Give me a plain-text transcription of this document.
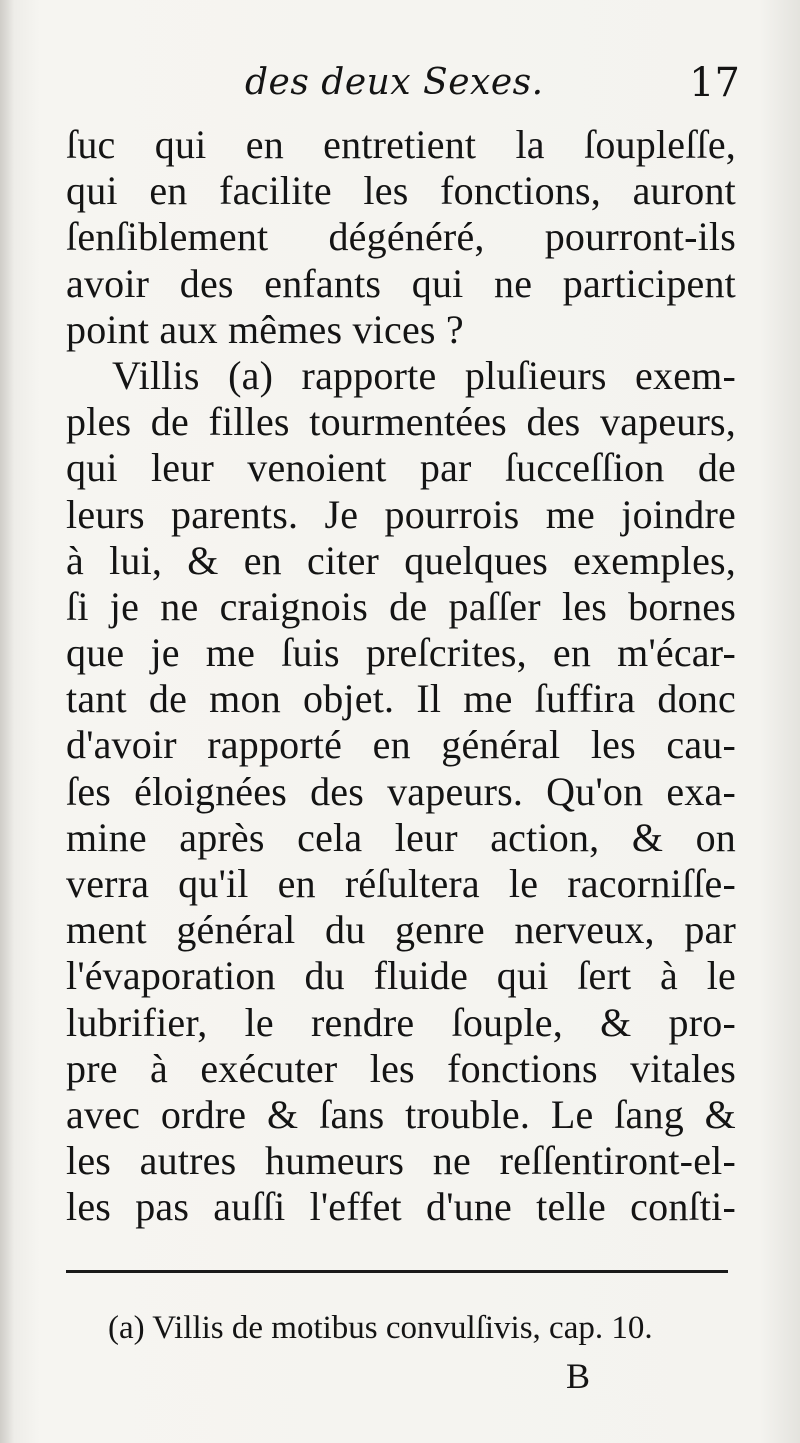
des deux Sexes.	17
ſuc qui en entretient la ſoupleſſe,
qui en facilite les fonctions, auront
ſenſiblement dégénéré, pourront-ils
avoir des enfants qui ne participent
point aux mêmes vices ?
Villis (a) rapporte pluſieurs exem-
ples de filles tourmentées des vapeurs,
qui leur venoient par ſucceſſion de
leurs parents. Je pourrois me joindre
à lui, & en citer quelques exemples,
ſi je ne craignois de paſſer les bornes
que je me ſuis preſcrites, en m'écar-
tant de mon objet. Il me ſuffira donc
d'avoir rapporté en général les cau-
ſes éloignées des vapeurs. Qu'on exa-
mine après cela leur action, & on
verra qu'il en réſultera le racorniſſe-
ment général du genre nerveux, par
l'évaporation du fluide qui ſert à le
lubrifier, le rendre ſouple, & pro-
pre à exécuter les fonctions vitales
avec ordre & ſans trouble. Le ſang &
les autres humeurs ne reſſentiront-el-
les pas auſſi l'effet d'une telle conſti-
(a) Villis de motibus convulſivis, cap. 10.
B
